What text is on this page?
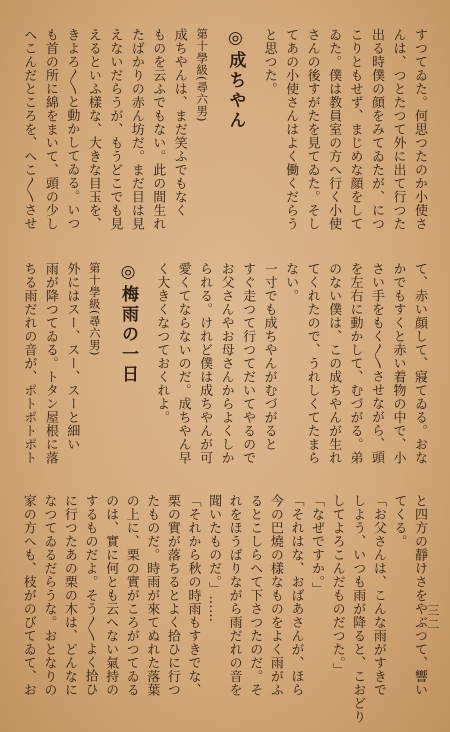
すつてゐた。何思つたのか小使さ
んは、つとたつて外に出て行つた
出る時僕の顔をみてゐたが、につ
こりともせず、まじめな顔をして
ゐた。僕は教員室の方へ行く小使
さんの後すがたを見てゐた。そし
てあの小使さんはよく働くだらう
と思つた。
◎成ちやん
第十學級(尋六男)
成ちやんは、まだ笑ふでもなく
ものを云ふでもない。此の間生れ
たばかりの赤ん坊だ。まだ目は見
えないだらうが、もうどこでも見
えるといふ樣な、大きな目玉を、
きよろ〳〵と動かしてゐる。いつ
も首の所に綿をまいて、頭の少し
へこんだところを、へこ〳〵させ
て、赤い顔して、寢てゐる。おな
かでもすくと赤い着物の中で、小
さい手をもく〳〵させながら、頭
を左右に動かして、むづがる。弟
のない僕は、この成ちやんが生れ
てくれたので、うれしくてたまら
ない。
一寸でも成ちやんがむづがると
すぐ走つて行つてだいてやるので
お父さんやお母さんからよくしか
られる。けれど僕は成ちやんが可
愛くてならないのだ。成ちやん早
く大きくなつておくれよ。
◎梅雨の一日
第十學級(尋六男)
外にはスー、スー、スーと細い
雨が降つてゐる。トタン屋根に落
ちる雨だれの音が、ポトポトポト
と四方の靜けさをやぶつて、響い
てくる。
「お父さんは、こんな雨がすきで
しよう、いつも雨が降ると、こおどり
してよろこんだものだつた。」
「なぜですか。」
「それはな、おばあさんが、ほら
今の巴燒の樣なものをよく雨がふ
るとこしらへて下さつたのだ。そ
れをほうばりながら雨だれの音を
聞いたものだ。」……
「それから秋の時雨もすきでな、
栗の實が落ちるとよく拾ひに行つ
たものだ。時雨が來てぬれた落葉
の上に、栗の實がころがつてゐる
のは、實に何とも云へない氣持の
するものだよ。そう〳〵よく拾ひ
に行つたあの栗の木は、どんなに
なつてゐるだらうな。おとなりの
家の方へも、枝がのびてゐて、お	三二
